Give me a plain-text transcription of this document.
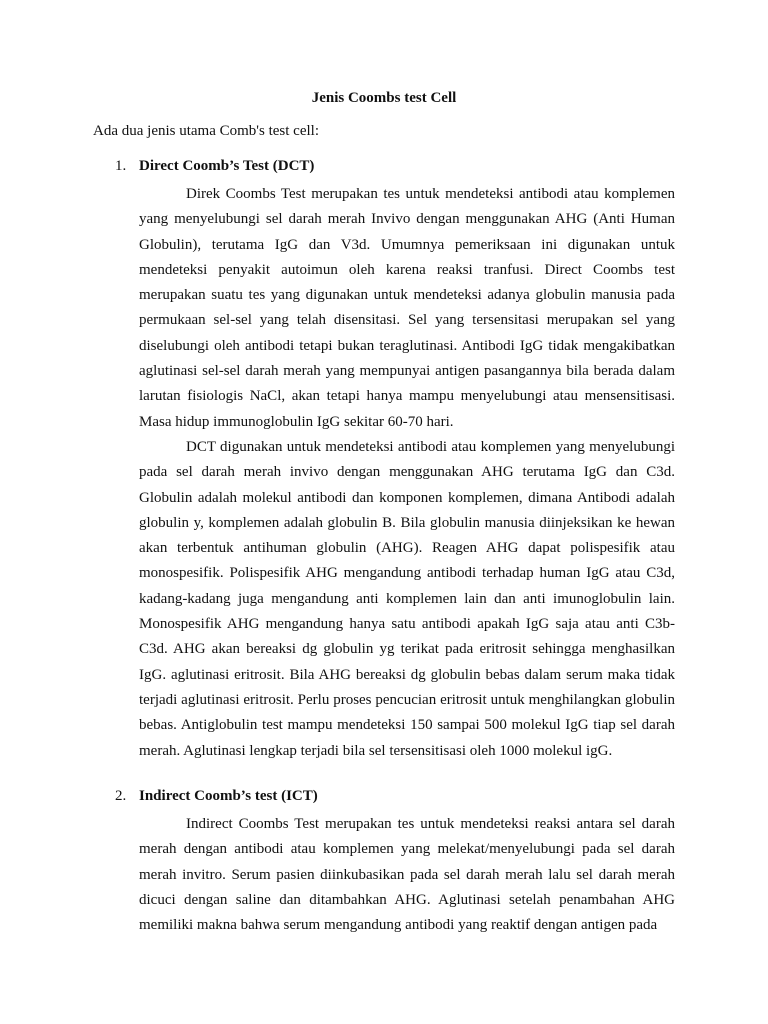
Jenis Coombs test Cell
Ada dua jenis utama Comb's test cell:
1. Direct Coomb’s Test (DCT)

Direk Coombs Test merupakan tes untuk mendeteksi antibodi atau komplemen yang menyelubungi sel darah merah Invivo dengan menggunakan AHG (Anti Human Globulin), terutama IgG dan V3d. Umumnya pemeriksaan ini digunakan untuk mendeteksi penyakit autoimun oleh karena reaksi tranfusi. Direct Coombs test merupakan suatu tes yang digunakan untuk mendeteksi adanya globulin manusia pada permukaan sel-sel yang telah disensitasi. Sel yang tersensitasi merupakan sel yang diselubungi oleh antibodi tetapi bukan teraglutinasi. Antibodi IgG tidak mengakibatkan aglutinasi sel-sel darah merah yang mempunyai antigen pasangannya bila berada dalam larutan fisiologis NaCl, akan tetapi hanya mampu menyelubungi atau mensensitisasi. Masa hidup immunoglobulin IgG sekitar 60-70 hari.

DCT digunakan untuk mendeteksi antibodi atau komplemen yang menyelubungi pada sel darah merah invivo dengan menggunakan AHG terutama IgG dan C3d. Globulin adalah molekul antibodi dan komponen komplemen, dimana Antibodi adalah globulin y, komplemen adalah globulin B. Bila globulin manusia diinjeksikan ke hewan akan terbentuk antihuman globulin (AHG). Reagen AHG dapat polispesifik atau monospesifik. Polispesifik AHG mengandung antibodi terhadap human IgG atau C3d, kadang-kadang juga mengandung anti komplemen lain dan anti imunoglobulin lain. Monospesifik AHG mengandung hanya satu antibodi apakah IgG saja atau anti C3b-C3d. AHG akan bereaksi dg globulin yg terikat pada eritrosit sehingga menghasilkan IgG. aglutinasi eritrosit. Bila AHG bereaksi dg globulin bebas dalam serum maka tidak terjadi aglutinasi eritrosit. Perlu proses pencucian eritrosit untuk menghilangkan globulin bebas. Antiglobulin test mampu mendeteksi 150 sampai 500 molekul IgG tiap sel darah merah. Aglutinasi lengkap terjadi bila sel tersensitisasi oleh 1000 molekul igG.

2. Indirect Coomb’s test (ICT)

Indirect Coombs Test merupakan tes untuk mendeteksi reaksi antara sel darah merah dengan antibodi atau komplemen yang melekat/menyelubungi pada sel darah merah invitro. Serum pasien diinkubasikan pada sel darah merah lalu sel darah merah dicuci dengan saline dan ditambahkan AHG. Aglutinasi setelah penambahan AHG memiliki makna bahwa serum mengandung antibodi yang reaktif dengan antigen pada
